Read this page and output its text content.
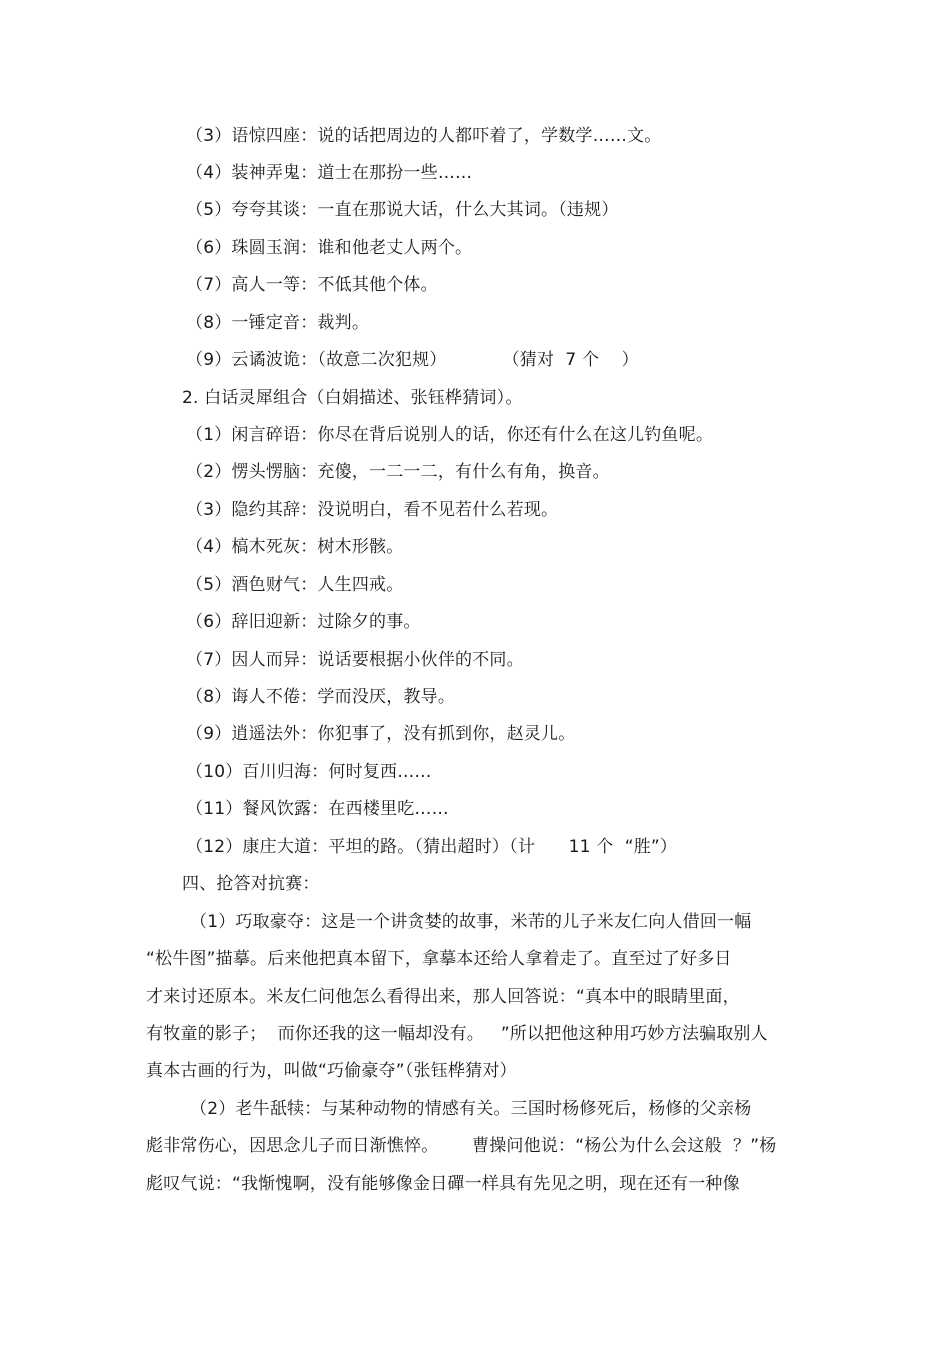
（3）语惊四座：说的话把周边的人都吓着了，学数学……文。
（4）装神弄鬼：道士在那扮一些……
（5）夸夸其谈：一直在那说大话，什么大其词。（违规）
（6）珠圆玉润：谁和他老丈人两个。
（7）高人一等：不低其他个体。
（8）一锤定音：裁判。
（9）云谲波诡：（故意二次犯规）          （猜对  7 个    ）
2. 白话灵犀组合（白娟描述、张钰桦猜词）。
（1）闲言碎语：你尽在背后说别人的话，你还有什么在这儿钓鱼呢。
（2）愣头愣脑：充傻，一二一二，有什么有角，换音。
（3）隐约其辞：没说明白，看不见若什么若现。
（4）槁木死灰：树木形骸。
（5）酒色财气：人生四戒。
（6）辞旧迎新：过除夕的事。
（7）因人而异：说话要根据小伙伴的不同。
（8）诲人不倦：学而没厌，教导。
（9）逍遥法外：你犯事了，没有抓到你，赵灵儿。
（10）百川归海：何时复西……
（11）餐风饮露：在西楼里吃……
（12）康庄大道：平坦的路。（猜出超时）（计      11 个  “胜”）
四、抢答对抗赛：
（1）巧取豪夺：这是一个讲贪婪的故事，米芾的儿子米友仁向人借回一幅
“松牛图”描摹。后来他把真本留下，拿摹本还给人拿着走了。直至过了好多日
才来讨还原本。米友仁问他怎么看得出来，那人回答说：“真本中的眼睛里面，
有牧童的影子；  而你还我的这一幅却没有。   ”所以把他这种用巧妙方法骗取别人
真本古画的行为，叫做“巧偷豪夺”（张钰桦猜对）
（2）老牛舐犊：与某种动物的情感有关。三国时杨修死后，杨修的父亲杨
彪非常伤心，因思念儿子而日渐憔悴。      曹操问他说：“杨公为什么会这般  ？”杨
彪叹气说：“我惭愧啊，没有能够像金日磾一样具有先见之明，现在还有一种像
